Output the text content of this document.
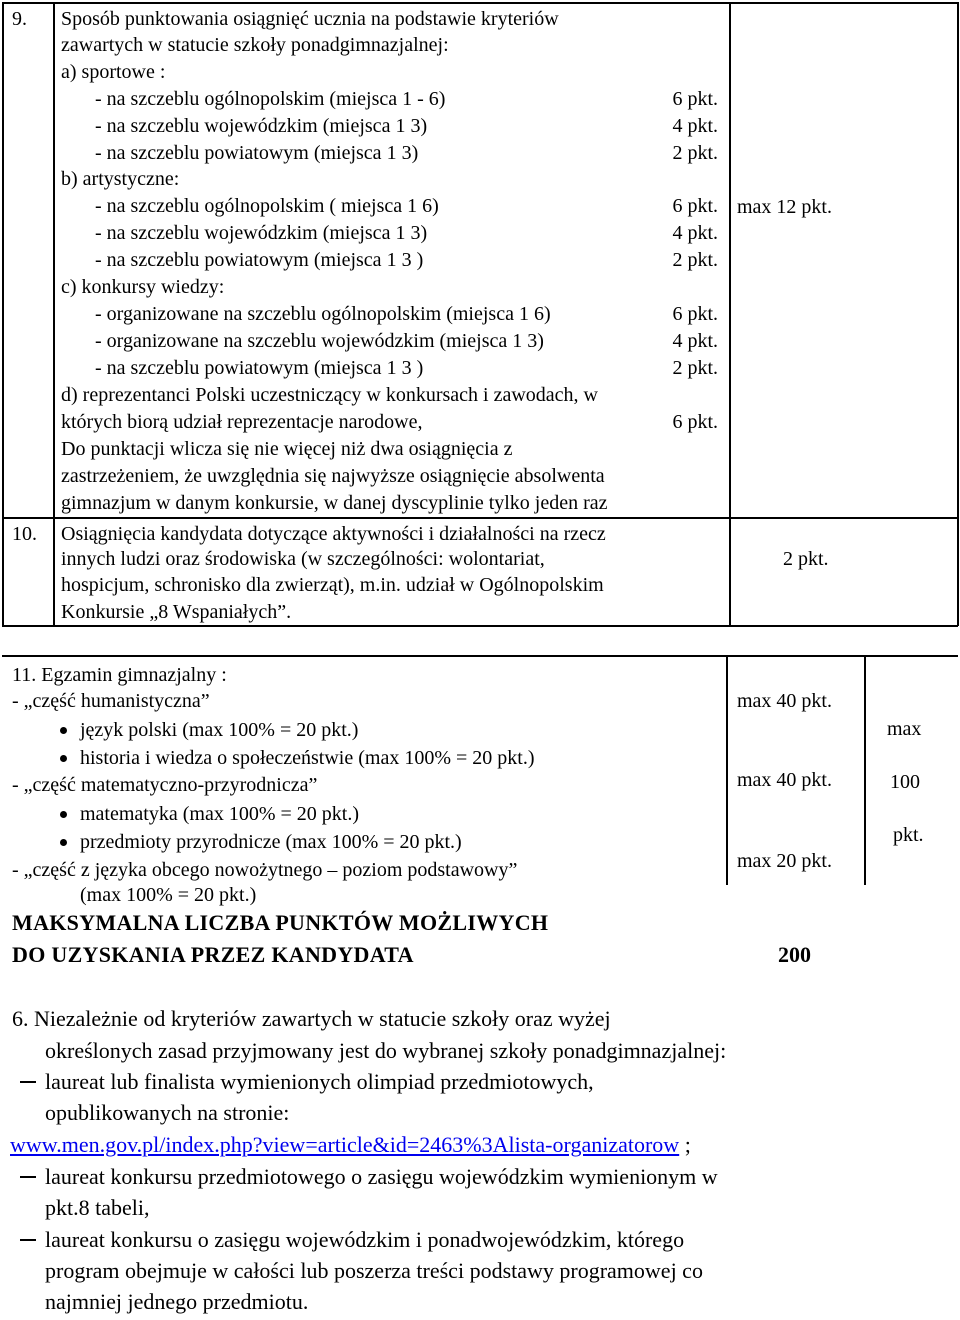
9. Sposób punktowania osiągnięć ucznia na podstawie kryteriów
zawartych w statucie szkoły ponadgimnazjalnej:
a) sportowe :
- na szczeblu ogólnopolskim (miejsca 1 - 6)
- na szczeblu wojewódzkim (miejsca 1 3)
- na szczeblu powiatowym (miejsca 1 3)
b) artystyczne:
- na szczeblu ogólnopolskim ( miejsca 1 6)
- na szczeblu wojewódzkim (miejsca 1 3)
- na szczeblu powiatowym (miejsca 1 3 )
c) konkursy wiedzy:
- organizowane na szczeblu ogólnopolskim (miejsca 1 6)
- organizowane na szczeblu wojewódzkim (miejsca 1 3)
- na szczeblu powiatowym (miejsca 1 3 )
d) reprezentanci Polski uczestniczący w konkursach i zawodach, w
których biorą udział reprezentacje narodowe,
Do punktacji wlicza się nie więcej niż dwa osiągnięcia z
zastrzeżeniem, że uwzględnia się najwyższe osiągnięcie absolwenta
gimnazjum w danym konkursie, w danej dyscyplinie tylko jeden raz
6 pkt.
4 pkt.
2 pkt.
6 pkt.
4 pkt.
2 pkt.
6 pkt.
4 pkt.
2 pkt.
6 pkt.
max 12 pkt.
10. Osiągnięcia kandydata dotyczące aktywności i działalności na rzecz
innych ludzi oraz środowiska (w szczególności: wolontariat,
hospicjum, schronisko dla zwierząt), m.in. udział w Ogólnopolskim
Konkursie „8 Wspaniałych”.
2 pkt.
11. Egzamin gimnazjalny :
- „część humanistyczna”
język polski (max 100% = 20 pkt.)
historia i wiedza o społeczeństwie (max 100% = 20 pkt.)
- „część matematyczno-przyrodnicza”
matematyka (max 100% = 20 pkt.)
przedmioty przyrodnicze (max 100% = 20 pkt.)
- „część z języka obcego nowożytnego – poziom podstawowy”
(max 100% = 20 pkt.)
max 40 pkt.
max 40 pkt.
max 20 pkt.
max
100
pkt.
MAKSYMALNA LICZBA PUNKTÓW MOŻLIWYCH
DO UZYSKANIA PRZEZ KANDYDATA	200
6. Niezależnie od kryteriów zawartych w statucie szkoły oraz wyżej
określonych zasad przyjmowany jest do wybranej szkoły ponadgimnazjalnej:
laureat lub finalista wymienionych olimpiad przedmiotowych,
opublikowanych na stronie:
www.men.gov.pl/index.php?view=article&id=2463%3Alista-organizatorow ;
laureat konkursu przedmiotowego o zasięgu wojewódzkim wymienionym w
pkt.8 tabeli,
laureat konkursu o zasięgu wojewódzkim i ponadwojewódzkim, którego
program obejmuje w całości lub poszerza treści podstawy programowej co
najmniej jednego przedmiotu.
